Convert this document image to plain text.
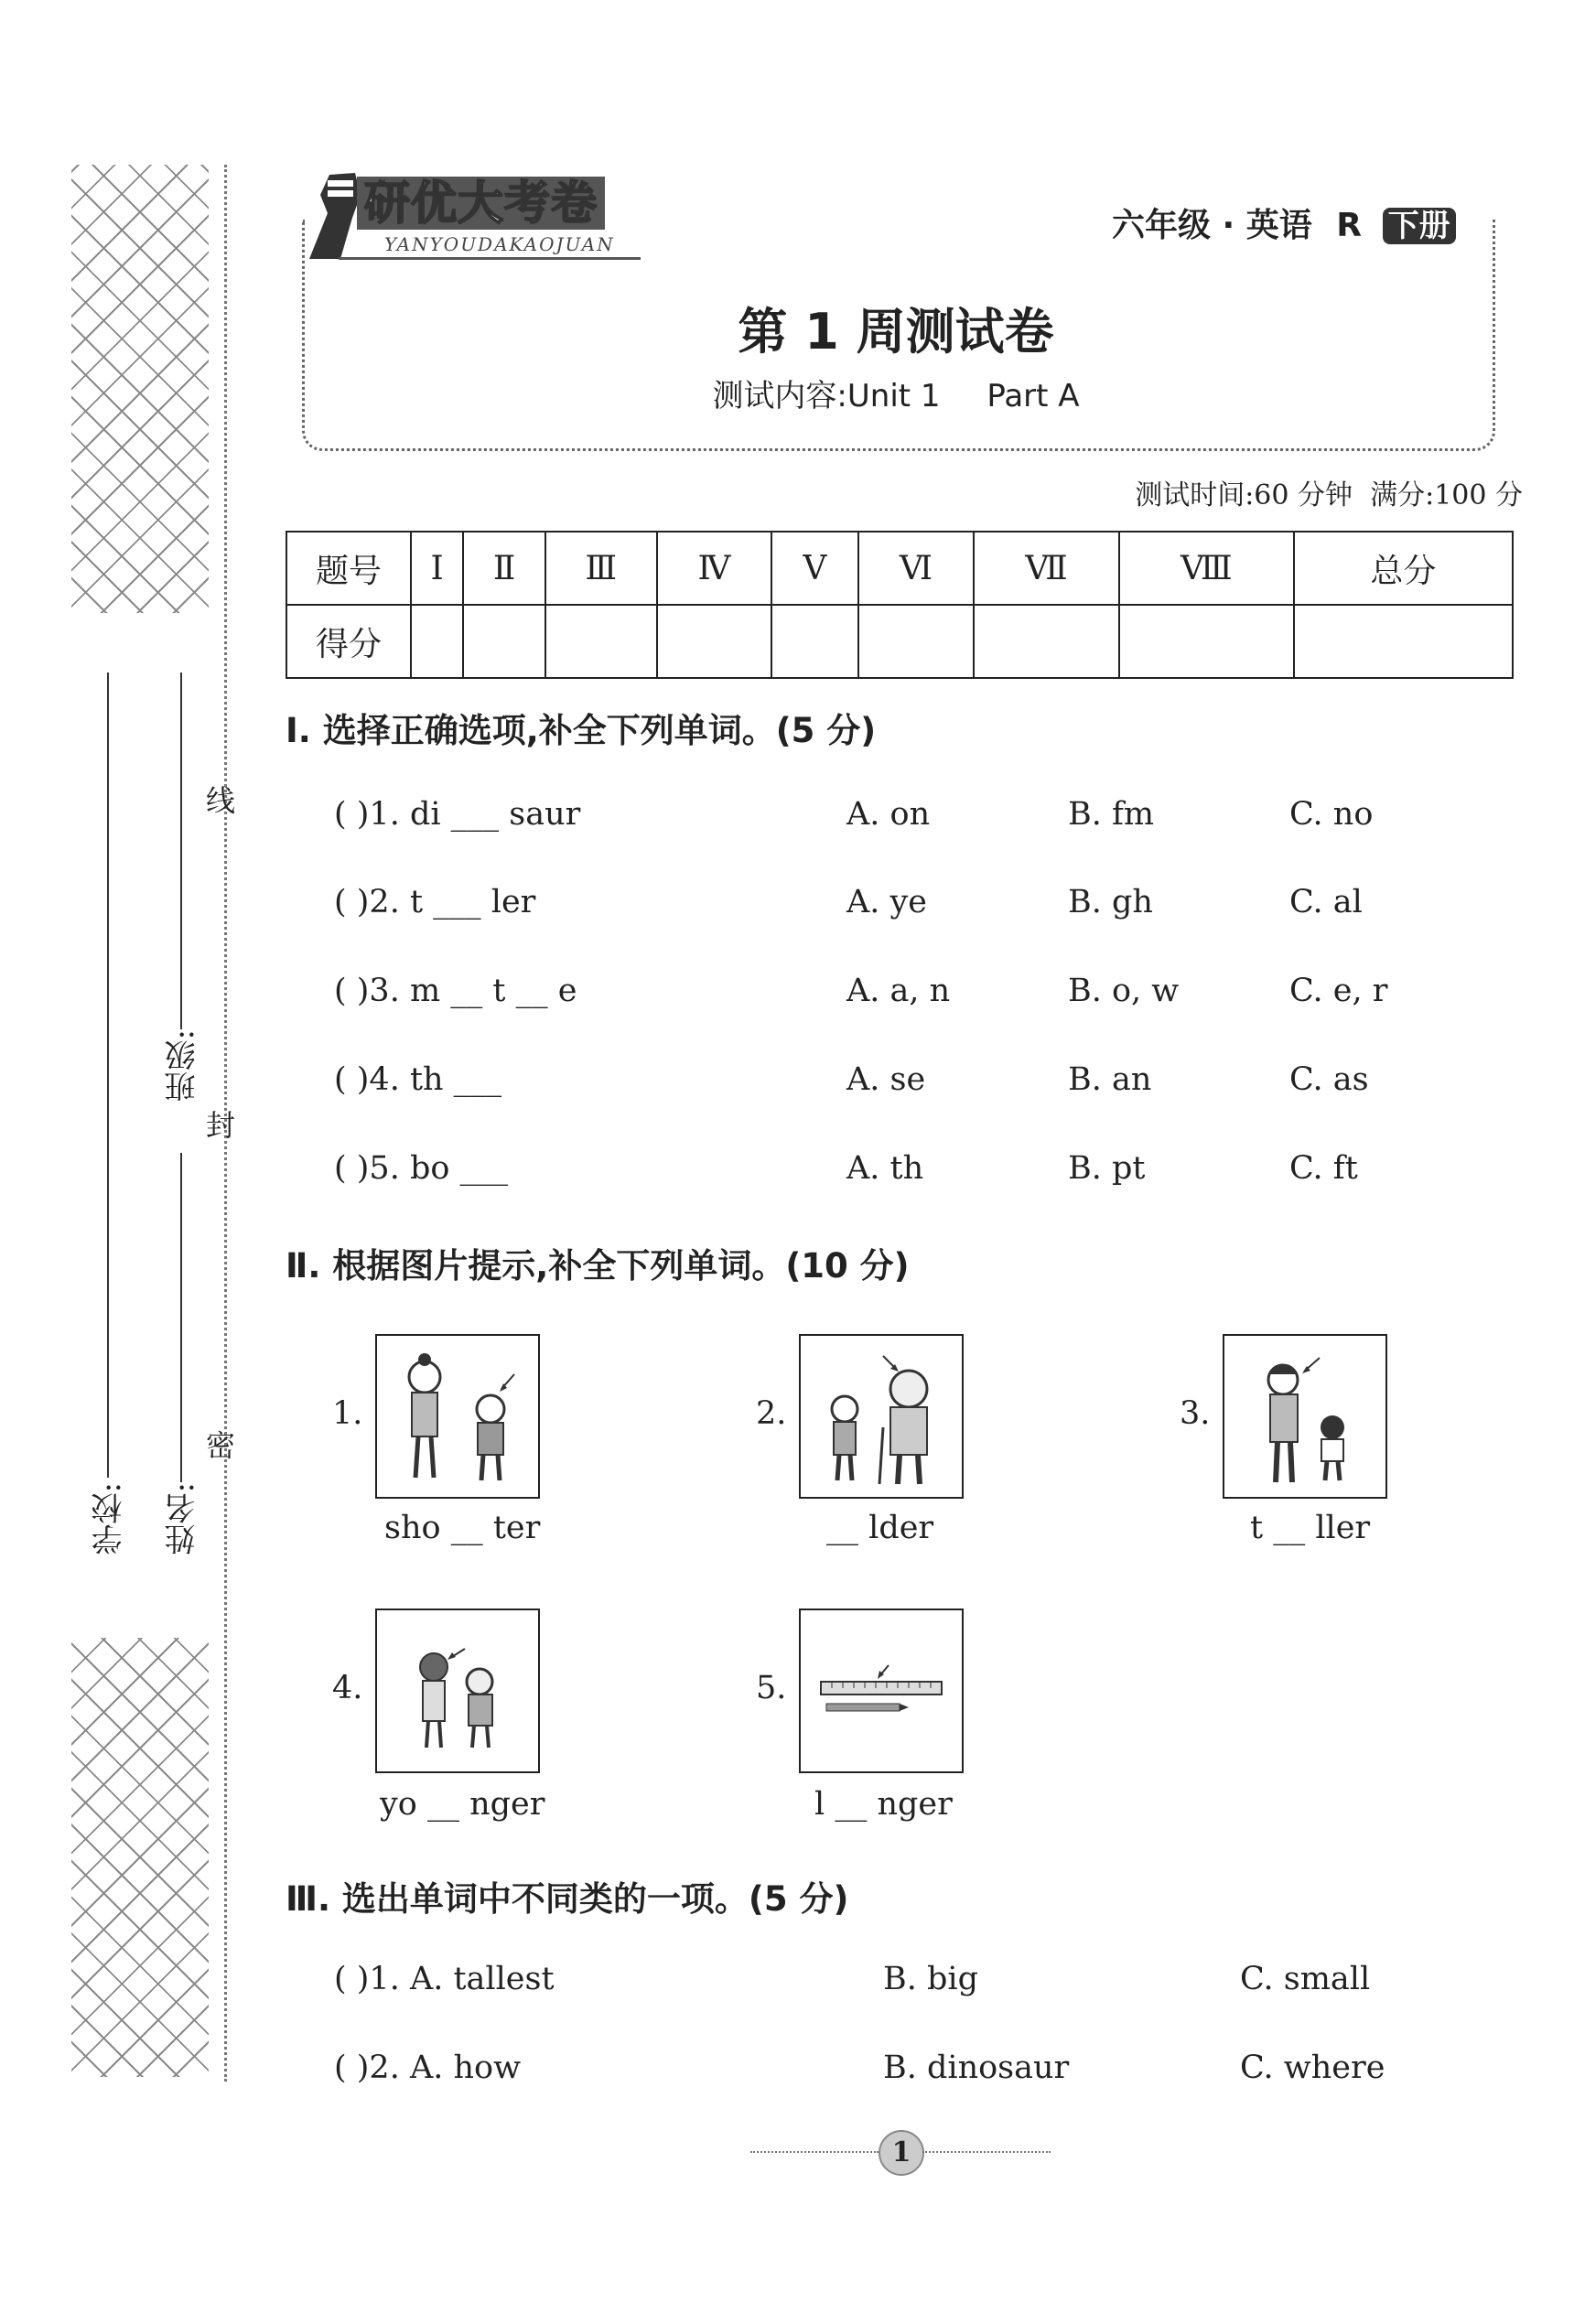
学校:
班级:
姓名:
线
封
密
研优大考卷
YANYOUDAKAOJUAN	六年级 · 英语 R 下册
第 1 周测试卷
测试内容:Unit 1 Part A
测试时间:60 分钟  满分:100 分
题号	Ⅰ	Ⅱ	Ⅲ	Ⅳ	Ⅴ	Ⅵ	Ⅶ	Ⅷ	总分
得分									
Ⅰ. 选择正确选项,补全下列单词。(5 分)
( )1. di ___ saur	A. on	B. fm	C. no
( )2. t ___ ler	A. ye	B. gh	C. al
( )3. m __ t __ e	A. a, n	B. o, w	C. e, r
( )4. th ___	A. se	B. an	C. as
( )5. bo ___	A. th	B. pt	C. ft
Ⅱ. 根据图片提示,补全下列单词。(10 分)
1.
sho __ ter
2.
__ lder
3.
t __ ller
4.
yo __ nger
5.
l __ nger
Ⅲ. 选出单词中不同类的一项。(5 分)
( )1. A. tallest	B. big	C. small
( )2. A. how	B. dinosaur	C. where
1
